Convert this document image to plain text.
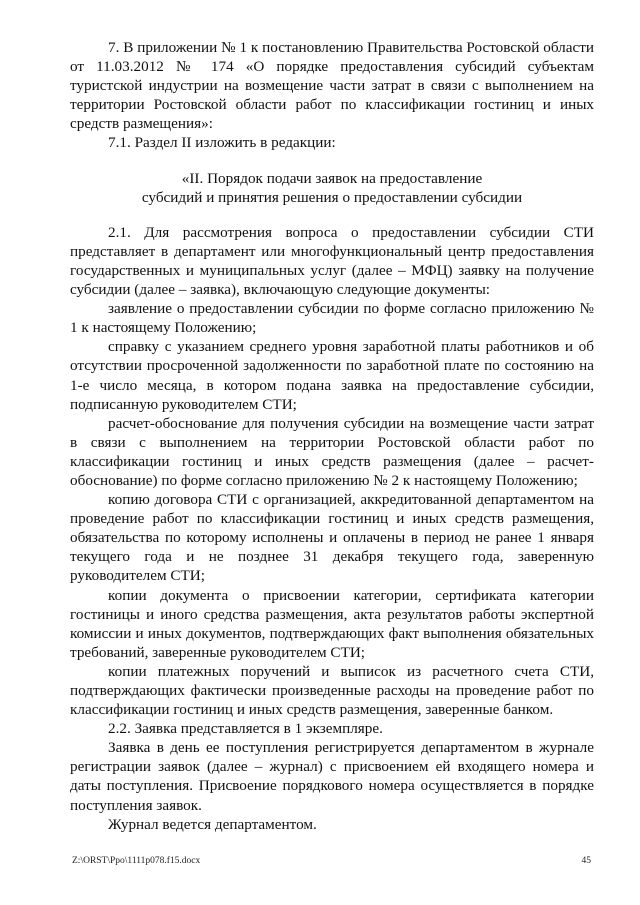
7. В приложении № 1 к постановлению Правительства Ростовской области от 11.03.2012 № 174 «О порядке предоставления субсидий субъектам туристской индустрии на возмещение части затрат в связи с выполнением на территории Ростовской области работ по классификации гостиниц и иных средств размещения»:

7.1. Раздел II изложить в редакции:

«II. Порядок подачи заявок на предоставление
субсидий и принятия решения о предоставлении субсидии

2.1. Для рассмотрения вопроса о предоставлении субсидии СТИ представляет в департамент или многофункциональный центр предоставления государственных и муниципальных услуг (далее – МФЦ) заявку на получение субсидии (далее – заявка), включающую следующие документы:

заявление о предоставлении субсидии по форме согласно приложению № 1 к настоящему Положению;

справку с указанием среднего уровня заработной платы работников и об отсутствии просроченной задолженности по заработной плате по состоянию на 1-е число месяца, в котором подана заявка на предоставление субсидии, подписанную руководителем СТИ;

расчет-обоснование для получения субсидии на возмещение части затрат в связи с выполнением на территории Ростовской области работ по классификации гостиниц и иных средств размещения (далее – расчет-обоснование) по форме согласно приложению № 2 к настоящему Положению;

копию договора СТИ с организацией, аккредитованной департаментом на проведение работ по классификации гостиниц и иных средств размещения, обязательства по которому исполнены и оплачены в период не ранее 1 января текущего года и не позднее 31 декабря текущего года, заверенную руководителем СТИ;

копии документа о присвоении категории, сертификата категории гостиницы и иного средства размещения, акта результатов работы экспертной комиссии и иных документов, подтверждающих факт выполнения обязательных требований, заверенные руководителем СТИ;

копии платежных поручений и выписок из расчетного счета СТИ, подтверждающих фактически произведенные расходы на проведение работ по классификации гостиниц и иных средств размещения, заверенные банком.

2.2. Заявка представляется в 1 экземпляре.

Заявка в день ее поступления регистрируется департаментом в журнале регистрации заявок (далее – журнал) с присвоением ей входящего номера и даты поступления. Присвоение порядкового номера осуществляется в порядке поступления заявок.

Журнал ведется департаментом.

Z:\ORST\Ppo\1111p078.f15.docx	45
